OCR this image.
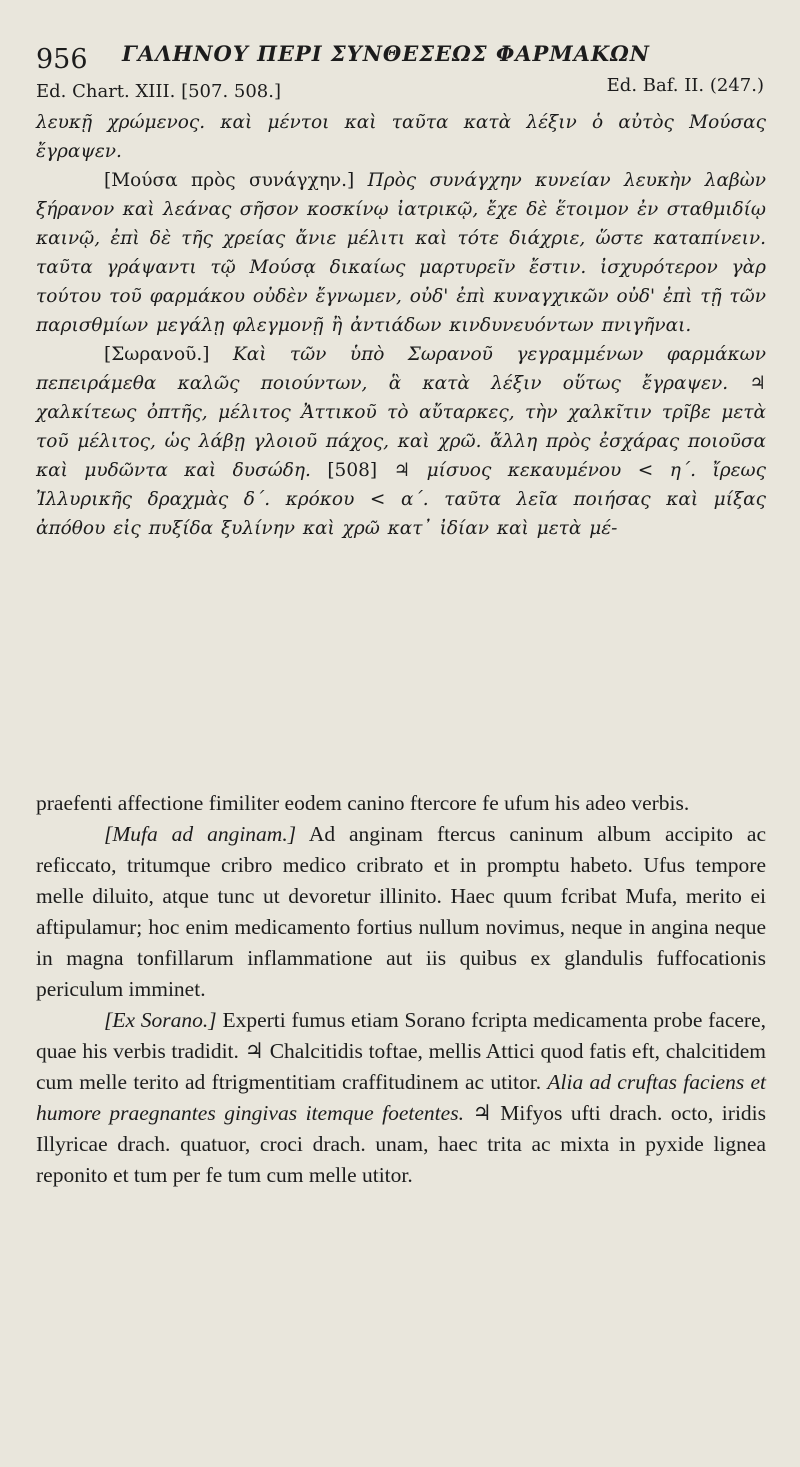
956 ΓΑΛΗΝΟΥ ΠΕΡΙ ΣΥΝΘΕΣΕΩΣ ΦΑΡΜΑΚΩΝ
Ed. Chart. XIII. [507. 508.]	Ed. Baf. II. (247.)

λευκῇ χρώμενος. καὶ μέντοι καὶ ταῦτα κατὰ λέξιν ὁ αὐτὸς Μούσας ἔγραψεν.

[Μούσα πρὸς συνάγχην.] Πρὸς συνάγχην κυνείαν λευκὴν λαβὼν ξήρανον καὶ λεάνας σῆσον κοσκίνῳ ἰατρικῷ, ἔχε δὲ ἕτοιμον ἐν σταθμιδίῳ καινῷ, ἐπὶ δὲ τῆς χρείας ἄνιε μέλιτι καὶ τότε διάχριε, ὥστε καταπίνειν. ταῦτα γράψαντι τῷ Μούσᾳ δικαίως μαρτυρεῖν ἔστιν. ἰσχυρότερον γὰρ τούτου τοῦ φαρμάκου οὐδὲν ἔγνωμεν, οὐδ' ἐπὶ κυναγχικῶν οὐδ' ἐπὶ τῇ τῶν παρισθμίων μεγάλῃ φλεγμονῇ ἢ ἀντιάδων κινδυνευόντων πνιγῆναι.

[Σωρανοῦ.] Καὶ τῶν ὑπὸ Σωρανοῦ γεγραμμένων φαρμάκων πεπειράμεθα καλῶς ποιούντων, ἃ κατὰ λέξιν οὕτως ἔγραψεν. ♃ χαλκίτεως ὀπτῆς, μέλιτος Ἀττικοῦ τὸ αὔταρκες, τὴν χαλκῖτιν τρῖβε μετὰ τοῦ μέλιτος, ὡς λάβῃ γλοιοῦ πάχος, καὶ χρῶ. ἄλλη πρὸς ἐσχάρας ποιοῦσα καὶ μυδῶντα καὶ δυσώδη. [508] ♃ μίσυος κεκαυμένου < η΄. ἴρεως Ἰλλυρικῆς δραχμὰς δ΄. κρόκου < α΄. ταῦτα λεῖα ποιήσας καὶ μίξας ἀπόθου εἰς πυξίδα ξυλίνην καὶ χρῶ κατ᾽ ἰδίαν καὶ μετὰ μέ-

praefenti affectione fimiliter eodem canino ftercore fe ufum his adeo verbis.

[Mufa ad anginam.] Ad anginam ftercus caninum album accipito ac reficcato, tritumque cribro medico cribrato et in promptu habeto. Ufus tempore melle diluito, atque tunc ut devoretur illinito. Haec quum fcribat Mufa, merito ei aftipulamur; hoc enim medicamento fortius nullum novimus, neque in angina neque in magna tonfillarum inflammatione aut iis quibus ex glandulis fuffocationis periculum imminet.

[Ex Sorano.] Experti fumus etiam Sorano fcripta medicamenta probe facere, quae his verbis tradidit. ♃ Chalcitidis toftae, mellis Attici quod fatis eft, chalcitidem cum melle terito ad ftrigmentitiam craffitudinem ac utitor. Alia ad cruftas faciens et humore praegnantes gingivas itemque foetentes. ♃ Mifyos ufti drach. octo, iridis Illyricae drach. quatuor, croci drach. unam, haec trita ac mixta in pyxide lignea reponito et tum per fe tum cum melle utitor.
